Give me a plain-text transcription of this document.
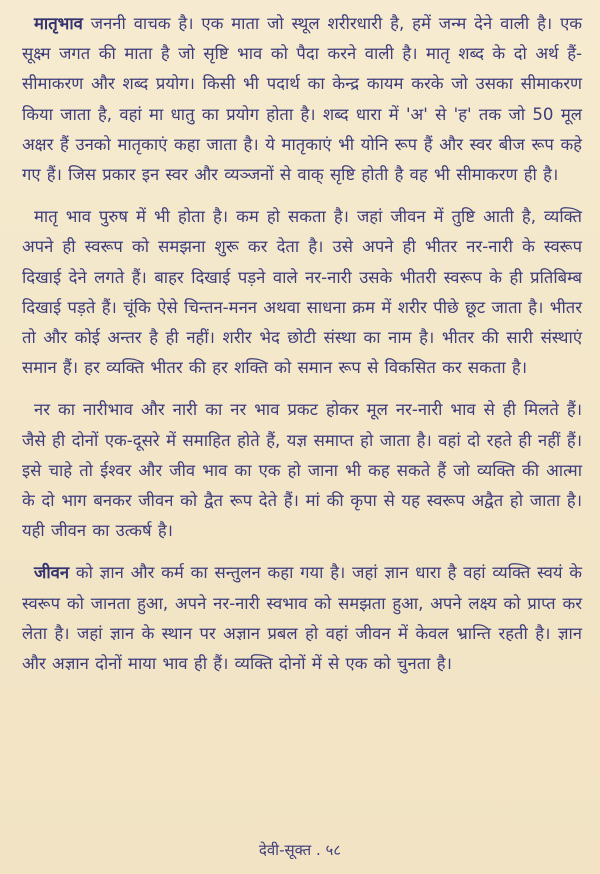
मातृभाव जननी वाचक है। एक माता जो स्थूल शरीरधारी है, हमें जन्म देने वाली है। एक सूक्ष्म जगत की माता है जो सृष्टि भाव को पैदा करने वाली है। मातृ शब्द के दो अर्थ हैं-सीमाकरण और शब्द प्रयोग। किसी भी पदार्थ का केन्द्र कायम करके जो उसका सीमाकरण किया जाता है, वहां मा धातु का प्रयोग होता है। शब्द धारा में 'अ' से 'ह' तक जो 50 मूल अक्षर हैं उनको मातृकाएं कहा जाता है। ये मातृकाएं भी योनि रूप हैं और स्वर बीज रूप कहे गए हैं। जिस प्रकार इन स्वर और व्यञ्जनों से वाक् सृष्टि होती है वह भी सीमाकरण ही है।

मातृ भाव पुरुष में भी होता है। कम हो सकता है। जहां जीवन में तुष्टि आती है, व्यक्ति अपने ही स्वरूप को समझना शुरू कर देता है। उसे अपने ही भीतर नर-नारी के स्वरूप दिखाई देने लगते हैं। बाहर दिखाई पड़ने वाले नर-नारी उसके भीतरी स्वरूप के ही प्रतिबिम्ब दिखाई पड़ते हैं। चूंकि ऐसे चिन्तन-मनन अथवा साधना क्रम में शरीर पीछे छूट जाता है। भीतर तो और कोई अन्तर है ही नहीं। शरीर भेद छोटी संस्था का नाम है। भीतर की सारी संस्थाएं समान हैं। हर व्यक्ति भीतर की हर शक्ति को समान रूप से विकसित कर सकता है।

नर का नारीभाव और नारी का नर भाव प्रकट होकर मूल नर-नारी भाव से ही मिलते हैं। जैसे ही दोनों एक-दूसरे में समाहित होते हैं, यज्ञ समाप्त हो जाता है। वहां दो रहते ही नहीं हैं। इसे चाहे तो ईश्वर और जीव भाव का एक हो जाना भी कह सकते हैं जो व्यक्ति की आत्मा के दो भाग बनकर जीवन को द्वैत रूप देते हैं। मां की कृपा से यह स्वरूप अद्वैत हो जाता है। यही जीवन का उत्कर्ष है।

जीवन को ज्ञान और कर्म का सन्तुलन कहा गया है। जहां ज्ञान धारा है वहां व्यक्ति स्वयं के स्वरूप को जानता हुआ, अपने नर-नारी स्वभाव को समझता हुआ, अपने लक्ष्य को प्राप्त कर लेता है। जहां ज्ञान के स्थान पर अज्ञान प्रबल हो वहां जीवन में केवल भ्रान्ति रहती है। ज्ञान और अज्ञान दोनों माया भाव ही हैं। व्यक्ति दोनों में से एक को चुनता है।

देवी-सूक्त . ५८
